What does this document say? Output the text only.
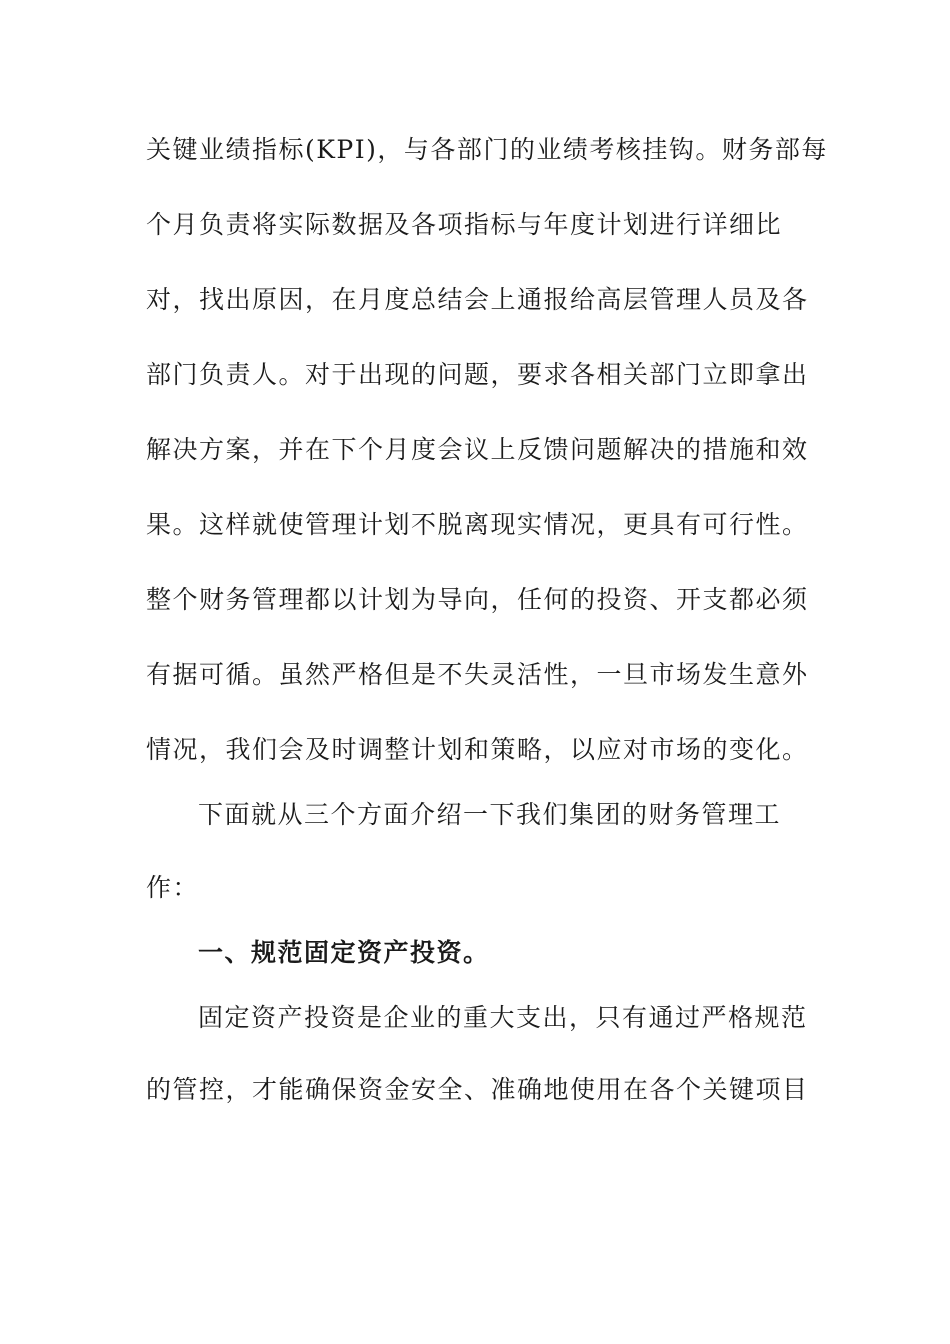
关键业绩指标(KPI)，与各部门的业绩考核挂钩。财务部每
个月负责将实际数据及各项指标与年度计划进行详细比
对，找出原因，在月度总结会上通报给高层管理人员及各
部门负责人。对于出现的问题，要求各相关部门立即拿出
解决方案，并在下个月度会议上反馈问题解决的措施和效
果。这样就使管理计划不脱离现实情况，更具有可行性。
整个财务管理都以计划为导向，任何的投资、开支都必须
有据可循。虽然严格但是不失灵活性，一旦市场发生意外
情况，我们会及时调整计划和策略，以应对市场的变化。
下面就从三个方面介绍一下我们集团的财务管理工
作：
一、规范固定资产投资。
固定资产投资是企业的重大支出，只有通过严格规范
的管控，才能确保资金安全、准确地使用在各个关键项目
